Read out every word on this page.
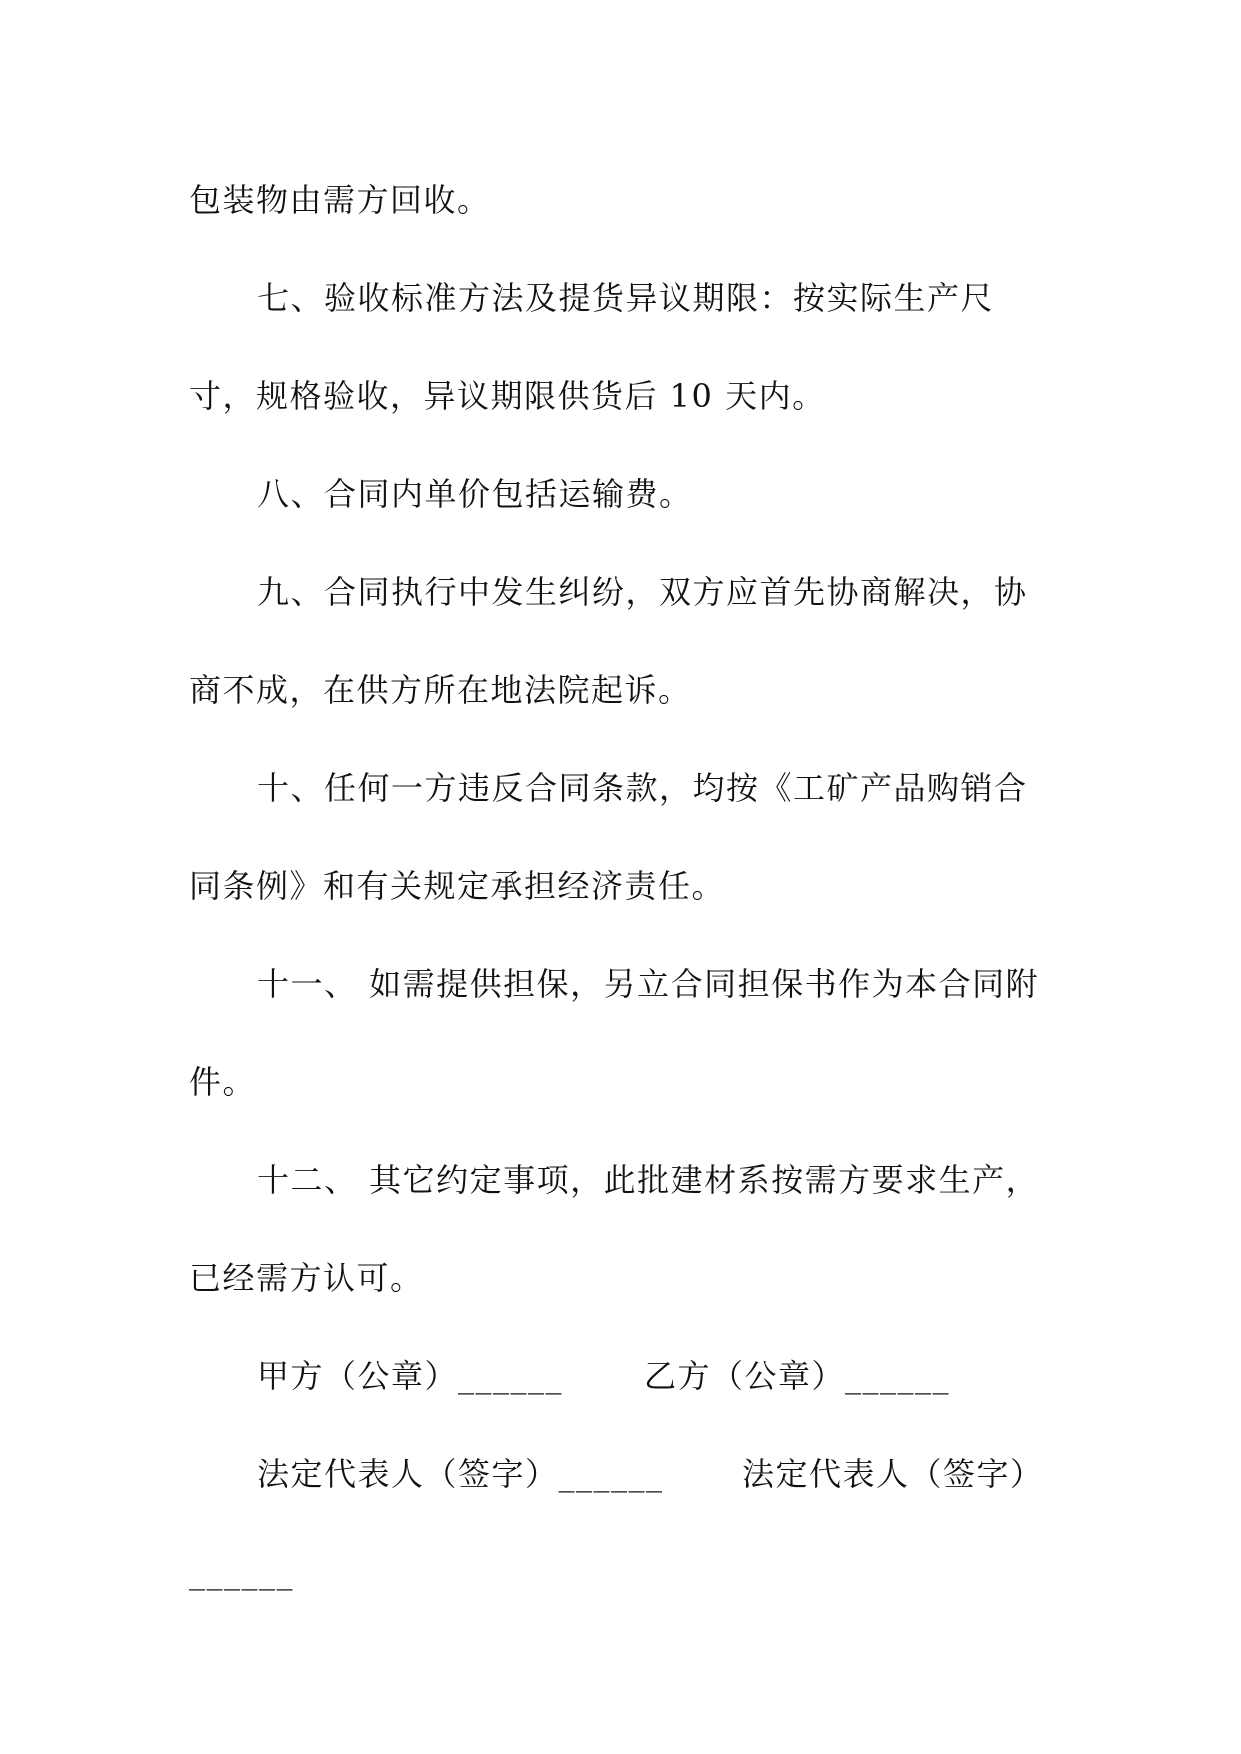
包装物由需方回收。
七、验收标准方法及提货异议期限：按实际生产尺
寸，规格验收，异议期限供货后 10 天内。
八、合同内单价包括运输费。
九、合同执行中发生纠纷，双方应首先协商解决，协
商不成，在供方所在地法院起诉。
十、任何一方违反合同条款，均按《工矿产品购销合
同条例》和有关规定承担经济责任。
十一、 如需提供担保，另立合同担保书作为本合同附
件。
十二、 其它约定事项，此批建材系按需方要求生产，
已经需方认可。
甲方（公章）______	乙方（公章）______
法定代表人（签字）______ 法定代表人（签字）
______
